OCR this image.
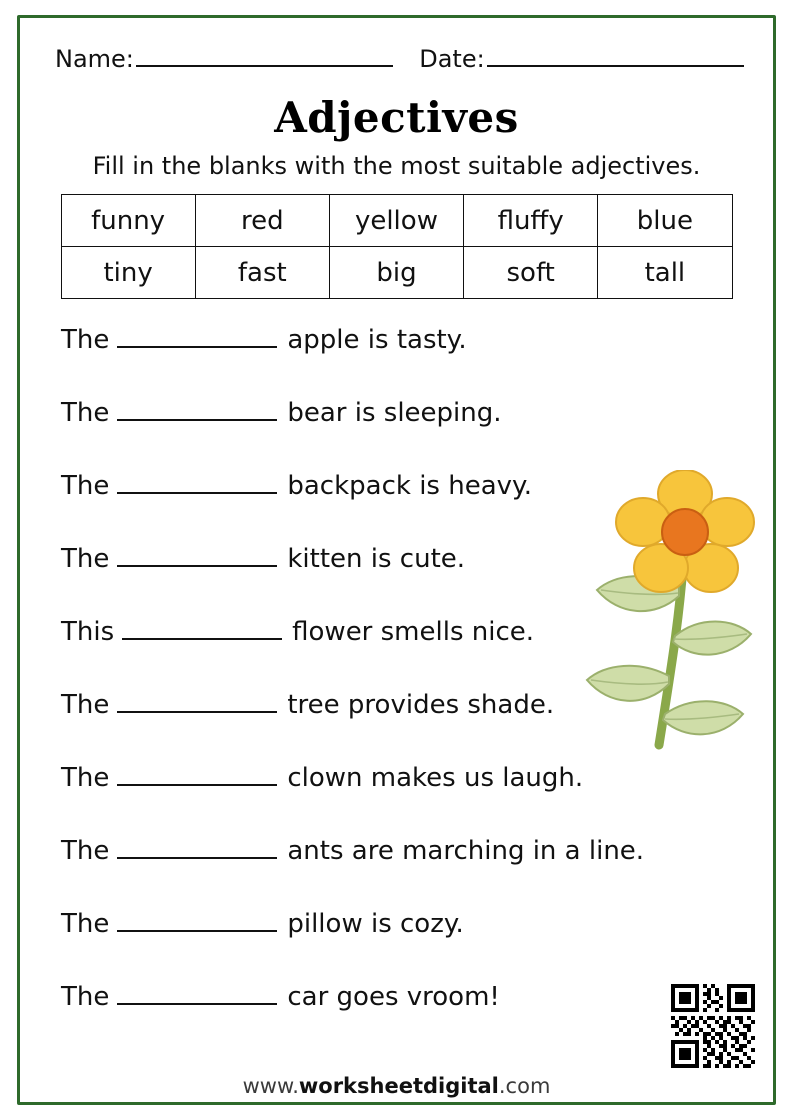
Name:	Date:
Adjectives
Fill in the blanks with the most suitable adjectives.
funny	red	yellow	fluffy	blue
tiny	fast	big	soft	tall
The	apple is tasty.
The	bear is sleeping.
The	backpack is heavy.
The	kitten is cute.
This	flower smells nice.
The	tree provides shade.
The	clown makes us laugh.
The	ants are marching in a line.
The	pillow is cozy.
The	car goes vroom!
www.worksheetdigital.com
